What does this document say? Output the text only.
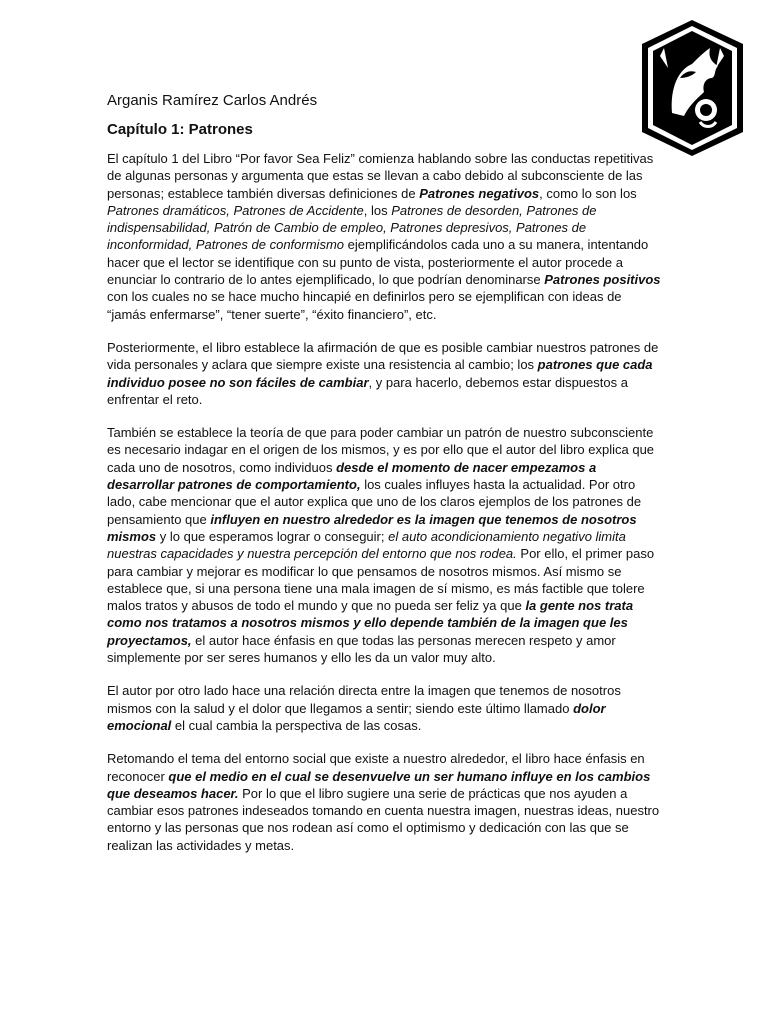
Arganis Ramírez Carlos Andrés

Capítulo 1: Patrones

El capítulo 1 del Libro “Por favor Sea Feliz” comienza hablando sobre las conductas repetitivas de algunas personas y argumenta que estas se llevan a cabo debido al subconsciente de las personas; establece también diversas definiciones de Patrones negativos, como lo son los Patrones dramáticos, Patrones de Accidente, los Patrones de desorden, Patrones de indispensabilidad, Patrón de Cambio de empleo, Patrones depresivos, Patrones de inconformidad, Patrones de conformismo ejemplificándolos cada uno a su manera, intentando hacer que el lector se identifique con su punto de vista, posteriormente el autor procede a enunciar lo contrario de lo antes ejemplificado, lo que podrían denominarse Patrones positivos con los cuales no se hace mucho hincapié en definirlos pero se ejemplifican con ideas de “jamás enfermarse”, “tener suerte”, “éxito financiero”, etc.

Posteriormente, el libro establece la afirmación de que es posible cambiar nuestros patrones de vida personales y aclara que siempre existe una resistencia al cambio; los patrones que cada individuo posee no son fáciles de cambiar, y para hacerlo, debemos estar dispuestos a enfrentar el reto.

También se establece la teoría de que para poder cambiar un patrón de nuestro subconsciente es necesario indagar en el origen de los mismos, y es por ello que el autor del libro explica que cada uno de nosotros, como individuos desde el momento de nacer empezamos a desarrollar patrones de comportamiento, los cuales influyes hasta la actualidad. Por otro lado, cabe mencionar que el autor explica que uno de los claros ejemplos de los patrones de pensamiento que influyen en nuestro alrededor es la imagen que tenemos de nosotros mismos y lo que esperamos lograr o conseguir; el auto acondicionamiento negativo limita nuestras capacidades y nuestra percepción del entorno que nos rodea. Por ello, el primer paso para cambiar y mejorar es modificar lo que pensamos de nosotros mismos. Así mismo se establece que, si una persona tiene una mala imagen de sí mismo, es más factible que tolere malos tratos y abusos de todo el mundo y que no pueda ser feliz ya que la gente nos trata como nos tratamos a nosotros mismos y ello depende también de la imagen que les proyectamos, el autor hace énfasis en que todas las personas merecen respeto y amor simplemente por ser seres humanos y ello les da un valor muy alto.

El autor por otro lado hace una relación directa entre la imagen que tenemos de nosotros mismos con la salud y el dolor que llegamos a sentir; siendo este último llamado dolor emocional el cual cambia la perspectiva de las cosas.

Retomando el tema del entorno social que existe a nuestro alrededor, el libro hace énfasis en reconocer que el medio en el cual se desenvuelve un ser humano influye en los cambios que deseamos hacer. Por lo que el libro sugiere una serie de prácticas que nos ayuden a cambiar esos patrones indeseados tomando en cuenta nuestra imagen, nuestras ideas, nuestro entorno y las personas que nos rodean así como el optimismo y dedicación con las que se realizan las actividades y metas.
